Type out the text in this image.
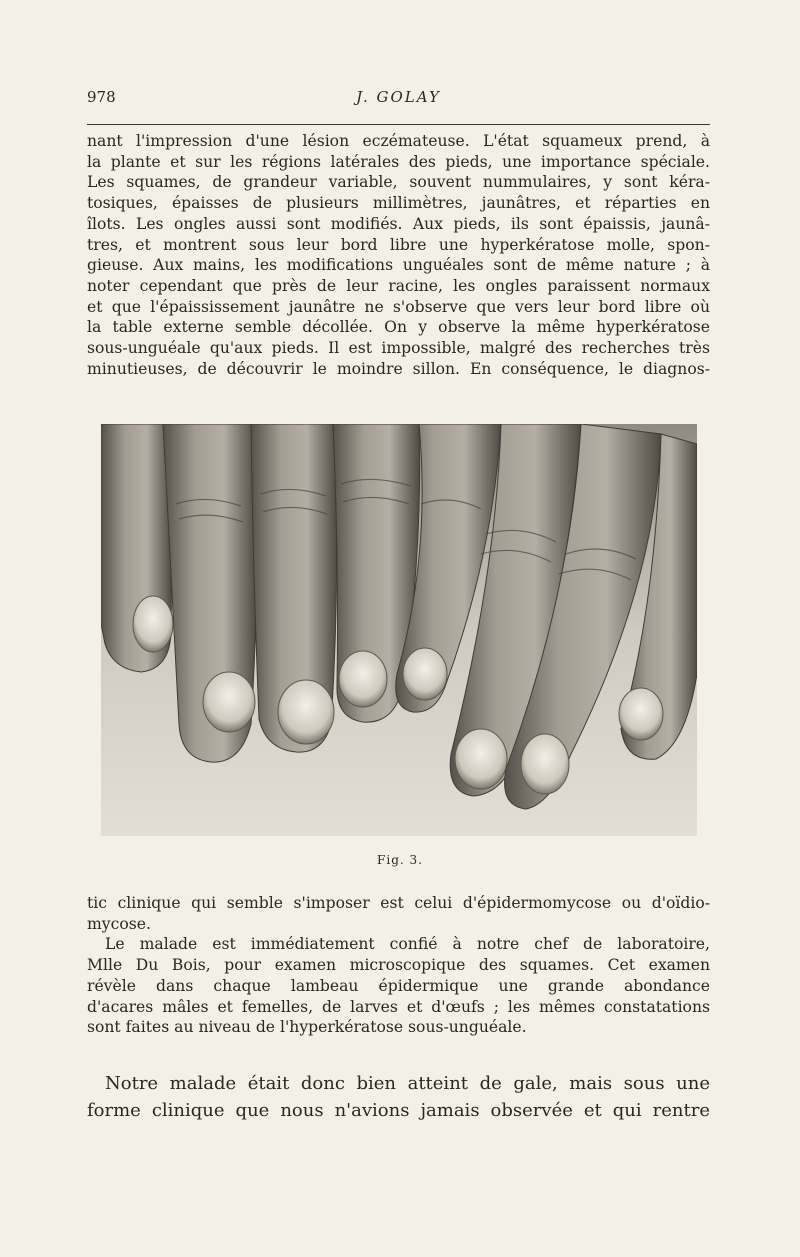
978	J. GOLAY
nant l'impression d'une lésion eczémateuse. L'état squameux prend, à
la plante et sur les régions latérales des pieds, une importance spéciale.
Les squames, de grandeur variable, souvent nummulaires, y sont kéra-
tosiques, épaisses de plusieurs millimètres, jaunâtres, et réparties en
îlots. Les ongles aussi sont modifiés. Aux pieds, ils sont épaissis, jaunâ-
tres, et montrent sous leur bord libre une hyperkératose molle, spon-
gieuse. Aux mains, les modifications unguéales sont de même nature ; à
noter cependant que près de leur racine, les ongles paraissent normaux
et que l'épaississement jaunâtre ne s'observe que vers leur bord libre où
la table externe semble décollée. On y observe la même hyperkératose
sous-unguéale qu'aux pieds. Il est impossible, malgré des recherches très
minutieuses, de découvrir le moindre sillon. En conséquence, le diagnos-
Fig. 3.
tic clinique qui semble s'imposer est celui d'épidermomycose ou d'oïdio-
mycose.
Le malade est immédiatement confié à notre chef de laboratoire,
Mlle Du Bois, pour examen microscopique des squames. Cet examen
révèle dans chaque lambeau épidermique une grande abondance
d'acares mâles et femelles, de larves et d'œufs ; les mêmes constatations
sont faites au niveau de l'hyperkératose sous-unguéale.
Notre malade était donc bien atteint de gale, mais sous une
forme clinique que nous n'avions jamais observée et qui rentre
